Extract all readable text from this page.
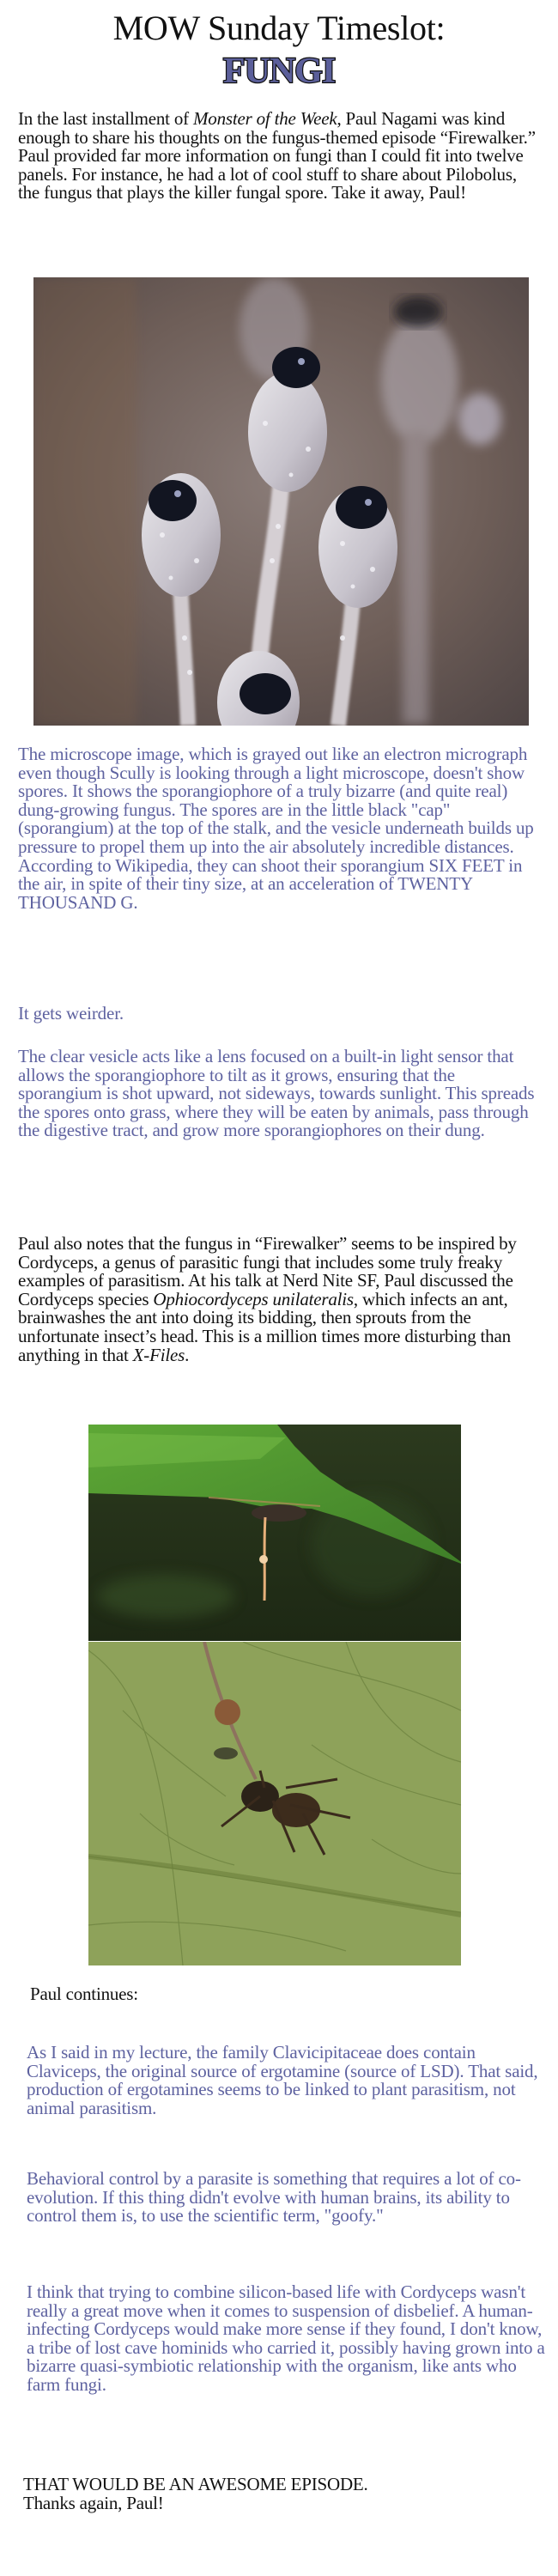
MOW Sunday Timeslot:
FUNGI

In the last installment of Monster of the Week, Paul Nagami was kind enough to share his thoughts on the fungus-themed episode “Firewalker.” Paul provided far more information on fungi than I could fit into twelve panels. For instance, he had a lot of cool stuff to share about Pilobolus, the fungus that plays the killer fungal spore. Take it away, Paul!

The microscope image, which is grayed out like an electron micrograph even though Scully is looking through a light microscope, doesn't show spores. It shows the sporangiophore of a truly bizarre (and quite real) dung-growing fungus. The spores are in the little black "cap" (sporangium) at the top of the stalk, and the vesicle underneath builds up pressure to propel them up into the air absolutely incredible distances. According to Wikipedia, they can shoot their sporangium SIX FEET in the air, in spite of their tiny size, at an acceleration of TWENTY THOUSAND G.

It gets weirder.

The clear vesicle acts like a lens focused on a built-in light sensor that allows the sporangiophore to tilt as it grows, ensuring that the sporangium is shot upward, not sideways, towards sunlight. This spreads the spores onto grass, where they will be eaten by animals, pass through the digestive tract, and grow more sporangiophores on their dung.

Paul also notes that the fungus in “Firewalker” seems to be inspired by Cordyceps, a genus of parasitic fungi that includes some truly freaky examples of parasitism. At his talk at Nerd Nite SF, Paul discussed the Cordyceps species Ophiocordyceps unilateralis, which infects an ant, brainwashes the ant into doing its bidding, then sprouts from the unfortunate insect’s head. This is a million times more disturbing than anything in that X-Files.

Paul continues:

As I said in my lecture, the family Clavicipitaceae does contain Claviceps, the original source of ergotamine (source of LSD). That said, production of ergotamines seems to be linked to plant parasitism, not animal parasitism.

Behavioral control by a parasite is something that requires a lot of co-evolution. If this thing didn't evolve with human brains, its ability to control them is, to use the scientific term, "goofy."

I think that trying to combine silicon-based life with Cordyceps wasn't really a great move when it comes to suspension of disbelief. A human-infecting Cordyceps would make more sense if they found, I don't know, a tribe of lost cave hominids who carried it, possibly having grown into a bizarre quasi-symbiotic relationship with the organism, like ants who farm fungi.

THAT WOULD BE AN AWESOME EPISODE.

Thanks again, Paul!
